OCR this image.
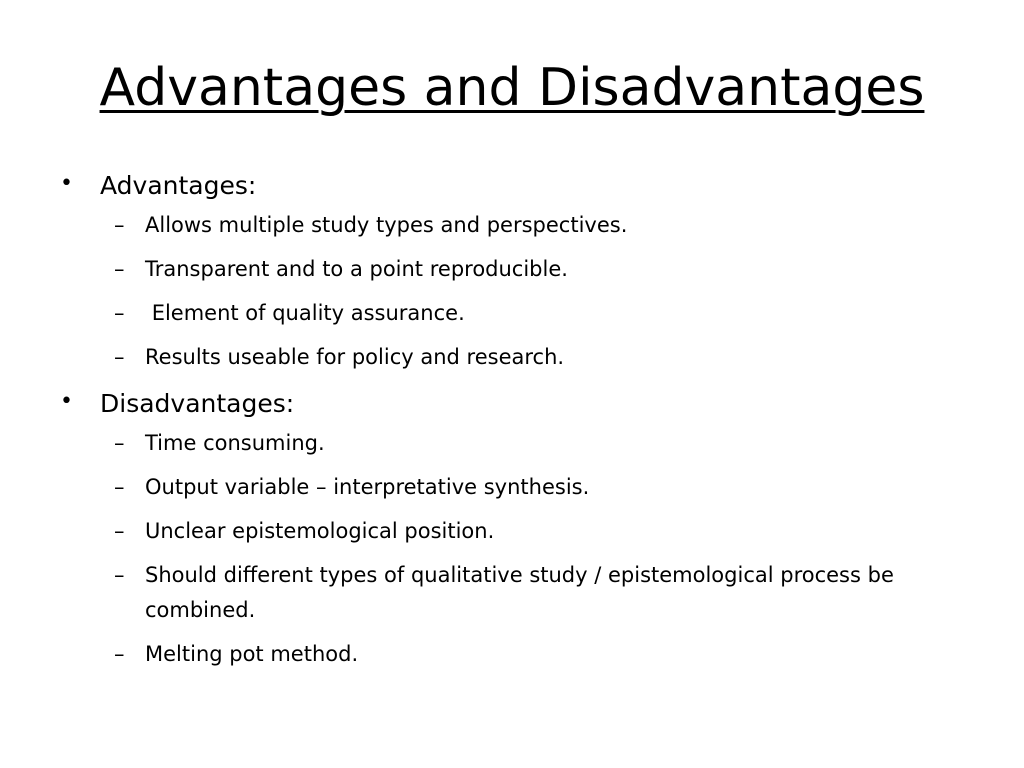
Advantages and Disadvantages
•	Advantages:
– Allows multiple study types and perspectives.
– Transparent and to a point reproducible.
– Element of quality assurance.
– Results useable for policy and research.
•	Disadvantages:
– Time consuming.
– Output variable – interpretative synthesis.
– Unclear epistemological position.
– Should different types of qualitative study / epistemological process be combined.
– Melting pot method.
